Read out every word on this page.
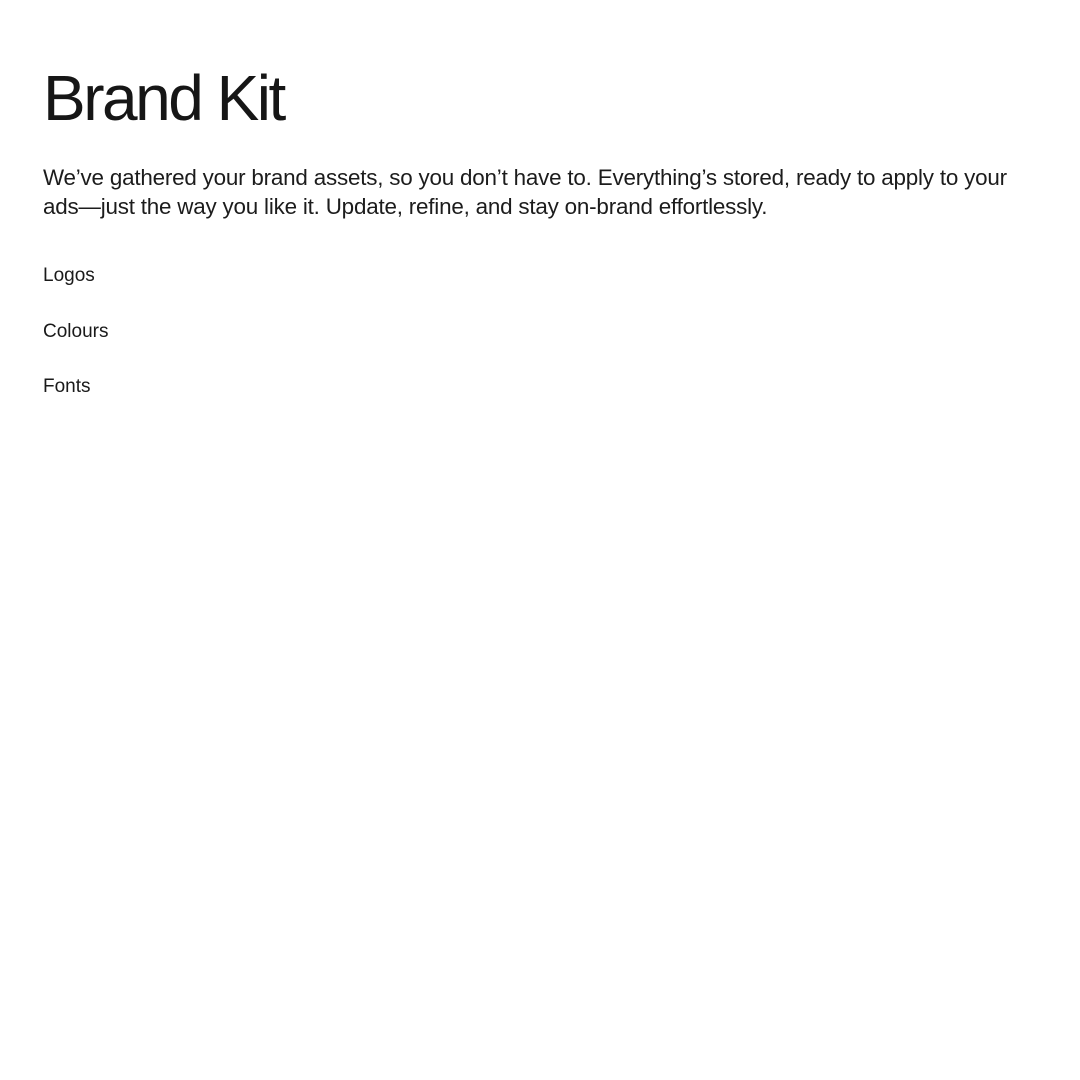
Brand Kit

We’ve gathered your brand assets, so you don’t have to. Everything’s stored, ready to apply to your ads—just the way you like it. Update, refine, and stay on-brand effortlessly.

Logos
Colours
Fonts
